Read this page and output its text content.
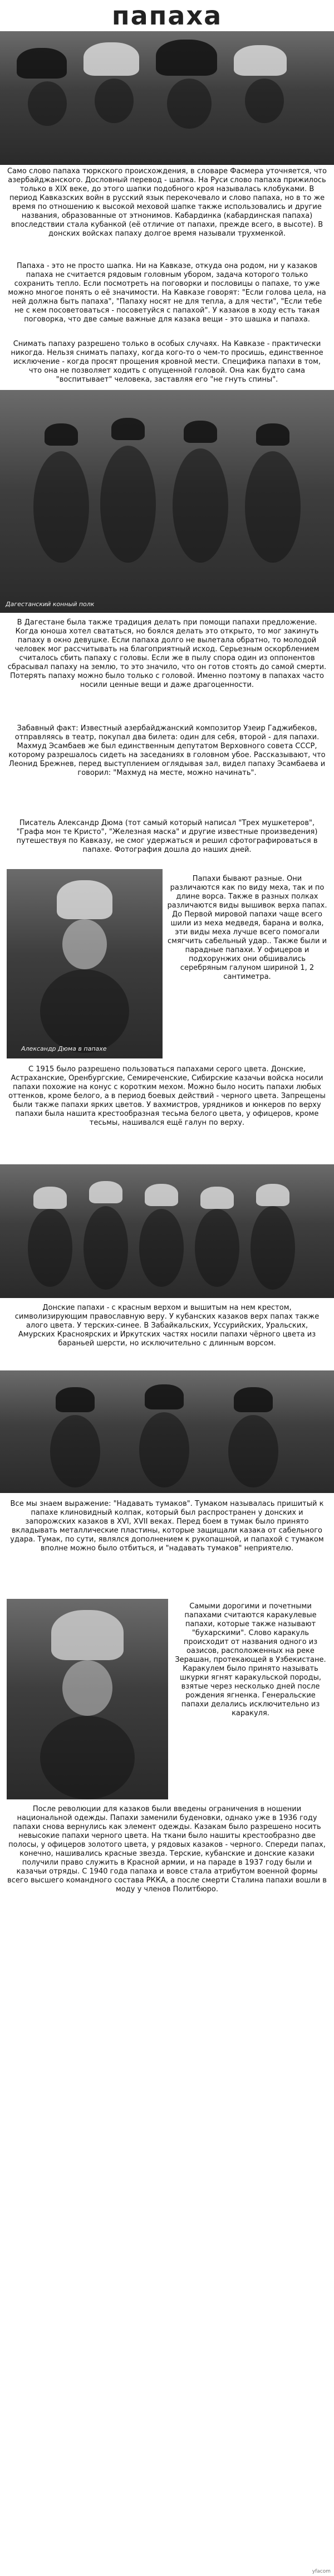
папаха

Само слово папаха тюркского происхождения, в словаре Фасмера уточняется, что азербайджанского. Дословный перевод - шапка. На Руси слово папаха прижилось только в XIX веке, до этого шапки подобного кроя называлась клобуками. В период Кавказских войн в русский язык перекочевало и слово папаха, но в то же время по отношению к высокой меховой шапке также использовались и другие названия, образованные от этнонимов. Кабардинка (кабардинская папаха) впоследствии стала кубанкой (её отличие от папахи, прежде всего, в высоте). В донских войсках папаху долгое время называли трухменкой.

Папаха - это не просто шапка. Ни на Кавказе, откуда она родом, ни у казаков папаха не считается рядовым головным убором, задача которого только сохранить тепло. Если посмотреть на поговорки и пословицы о папахе, то уже можно многое понять о её значимости. На Кавказе говорят: "Если голова цела, на ней должна быть папаха", "Папаху носят не для тепла, а для чести", "Если тебе не с кем посоветоваться - посоветуйся с папахой". У казаков в ходу есть такая поговорка, что две самые важные для казака вещи - это шашка и папаха.

Снимать папаху разрешено только в особых случаях. На Кавказе - практически никогда. Нельзя снимать папаху, когда кого-то о чем-то просишь, единственное исключение - когда просят прощения кровной мести. Специфика папахи в том, что она не позволяет ходить с опущенной головой. Она как будто сама "воспитывает" человека, заставляя его "не гнуть спины".

Дагестанский конный полк

В Дагестане была также традиция делать при помощи папахи предложение. Когда юноша хотел свататься, но боялся делать это открыто, то мог закинуть папаху в окно девушке. Если папаха долго не вылетала обратно, то молодой человек мог рассчитывать на благоприятный исход. Серьезным оскорблением считалось сбить папаху с головы. Если же в пылу спора один из оппонентов сбрасывал папаху на землю, то это значило, что он готов стоять до самой смерти. Потерять папаху можно было только с головой. Именно поэтому в папахах часто носили ценные вещи и даже драгоценности.

Забавный факт: Известный азербайджанский композитор Узеир Гаджибеков, отправляясь в театр, покупал два билета: один для себя, второй - для папахи. Махмуд Эсамбаев же был единственным депутатом Верховного совета СССР, которому разрешалось сидеть на заседаниях в головном убое. Рассказывают, что Леонид Брежнев, перед выступлением оглядывая зал, видел папаху Эсамбаева и говорил: "Махмуд на месте, можно начинать".

Писатель Александр Дюма (тот самый который написал "Трех мушкетеров", "Графа мон те Кристо", "Железная маска" и другие известные произведения) путешествуя по Кавказу, не смог удержаться и решил сфотографироваться в папахе. Фотография дошла до наших дней.

Александр Дюма в папахе

Папахи бывают разные. Они различаются как по виду меха, так и по длине ворса. Также в разных полках различаются виды вышивок верха папах. До Первой мировой папахи чаще всего шили из меха медведя, барана и волка, эти виды меха лучше всего помогали смягчить сабельный удар.. Также были и парадные папахи. У офицеров и подхорунжих они обшивались серебряным галуном шириной 1, 2 сантиметра.

С 1915 было разрешено пользоваться папахами серого цвета. Донские, Астраханские, Оренбургские, Семиреченские, Сибирские казачьи войска носили папахи похожие на конус с коротким мехом. Можно было носить папахи любых оттенков, кроме белого, а в период боевых действий - черного цвета. Запрещены были также папахи ярких цветов. У вахмистров, урядников и юнкеров по верху папахи была нашита крестообразная тесьма белого цвета, у офицеров, кроме тесьмы, нашивался ещё галун по верху.

Донские папахи - с красным верхом и вышитым на нем крестом, символизирующим православную веру. У кубанских казаков верх папах также алого цвета. У терских-синее. В Забайкальских, Уссурийских, Уральских, Амурских Красноярских и Иркутских частях носили папахи чёрного цвета из бараньей шерсти, но исключительно с длинным ворсом.

Все мы знаем выражение: "Надавать тумаков". Тумаком называлась пришитый к папахе клиновидный колпак, который был распространен у донских и запорожских казаков в XVI, XVII веках. Перед боем в тумак было принято вкладывать металлические пластины, которые защищали казака от сабельного удара. Тумак, по сути, являлся дополнением к рукопашной, и папахой с тумаком вполне можно было отбиться, и "надавать тумаков" неприятелю.

Самыми дорогими и почетными папахами считаются каракулевые папахи, которые также называют "бухарскими". Слово каракуль происходит от названия одного из оазисов, расположенных на реке Зерашан, протекающей в Узбекистане. Каракулем было принято называть шкурки ягнят каракульской породы, взятые через несколько дней после рождения ягненка. Генеральские папахи делались исключительно из каракуля.

После революции для казаков были введены ограничения в ношении национальной одежды. Папахи заменили буденовки, однако уже в 1936 году папахи снова вернулись как элемент одежды. Казакам было разрешено носить невысокие папахи черного цвета. На ткани было нашиты крестообразно две полосы, у офицеров золотого цвета, у рядовых казаков - черного. Спереди папах, конечно, нашивались красные звезда. Терские, кубанские и донские казаки получили право служить в Красной армии, и на параде в 1937 году были и казачьи отряды. С 1940 года папаха и вовсе стала атрибутом военной формы всего высшего командного состава РККА, а после смерти Сталина папахи вошли в моду у членов Политбюро.

yfacom
